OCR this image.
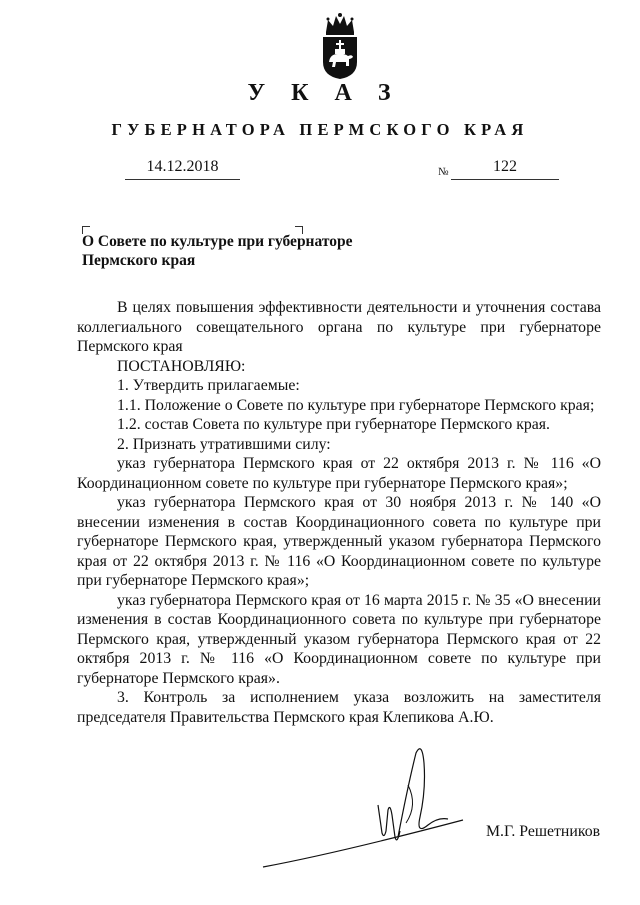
У К А З
ГУБЕРНАТОРА ПЕРМСКОГО КРАЯ
14.12.2018	№	122
О Совете по культуре при губернаторе
Пермского края
В целях повышения эффективности деятельности и уточнения состава коллегиального совещательного органа по культуре при губернаторе Пермского края
ПОСТАНОВЛЯЮ:
1. Утвердить прилагаемые:
1.1. Положение о Совете по культуре при губернаторе Пермского края;
1.2. состав Совета по культуре при губернаторе Пермского края.
2. Признать утратившими силу:
указ губернатора Пермского края от 22 октября 2013 г. № 116 «О Координационном совете по культуре при губернаторе Пермского края»;
указ губернатора Пермского края от 30 ноября 2013 г. № 140 «О внесении изменения в состав Координационного совета по культуре при губернаторе Пермского края, утвержденный указом губернатора Пермского края от 22 октября 2013 г. № 116 «О Координационном совете по культуре при губернаторе Пермского края»;
указ губернатора Пермского края от 16 марта 2015 г. № 35 «О внесении изменения в состав Координационного совета по культуре при губернаторе Пермского края, утвержденный указом губернатора Пермского края от 22 октября 2013 г. № 116 «О Координационном совете по культуре при губернаторе Пермского края».
3. Контроль за исполнением указа возложить на заместителя председателя Правительства Пермского края Клепикова А.Ю.
М.Г. Решетников
